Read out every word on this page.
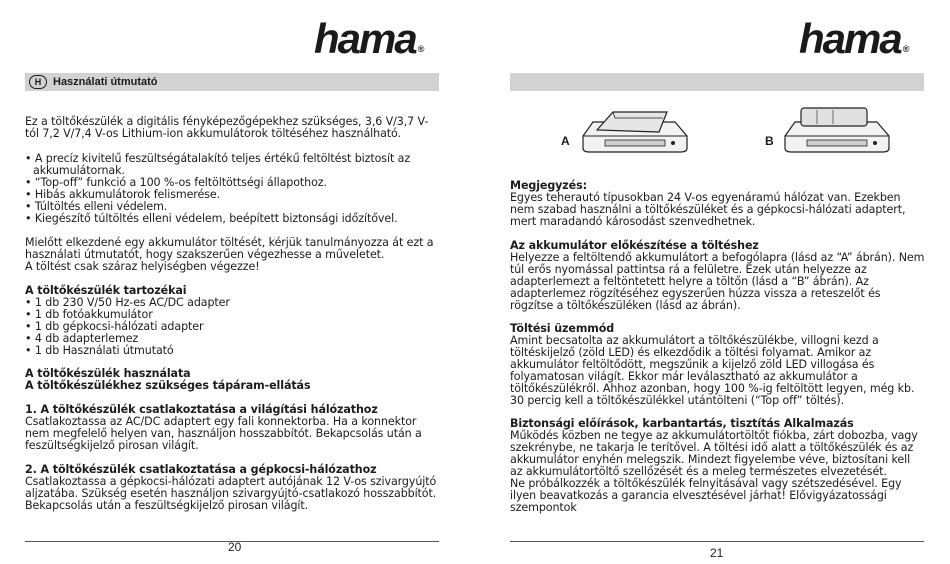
hama ®
H	Használati útmutató

Ez a töltőkészülék a digitális fényképezőgépekhez szükséges, 3,6 V/3,7 V-tól 7,2 V/7,4 V-os Lithium-ion akkumulátorok töltéséhez használható.

• A precíz kivitelű feszültségátalakító teljes értékű feltöltést biztosít az akkumulátornak.
• “Top-off” funkció a 100 %-os feltöltöttségi állapothoz.
• Hibás akkumulátorok felismerése.
• Túltöltés elleni védelem.
• Kiegészítő túltöltés elleni védelem, beépített biztonsági időzítővel.

Mielőtt elkezdené egy akkumulátor töltését, kérjük tanulmányozza át ezt a használati útmutatót, hogy szakszerűen végezhesse a műveletet.

A töltést csak száraz helyiségben végezze!

A töltőkészülék tartozékai

• 1 db 230 V/50 Hz-es AC/DC adapter
• 1 db fotóakkumulátor
• 1 db gépkocsi-hálózati adapter
• 4 db adapterlemez
• 1 db Használati útmutató

A töltőkészülék használata

A töltőkészülékhez szükséges tápáram-ellátás

1. A töltőkészülék csatlakoztatása a világítási hálózathoz

Csatlakoztassa az AC/DC adaptert egy fali konnektorba. Ha a konnektor nem megfelelő helyen van, használjon hosszabbítót. Bekapcsolás után a feszültségkijelző pirosan világít.

2. A töltőkészülék csatlakoztatása a gépkocsi-hálózathoz

Csatlakoztassa a gépkocsi-hálózati adaptert autójának 12 V-os szivargyújtó aljzatába. Szükség esetén használjon szivargyújtó-csatlakozó hosszabbítót. Bekapcsolás után a feszültségkijelző pirosan világít.

20
hama ®
A	B

Megjegyzés:

Egyes teherautó típusokban 24 V-os egyenáramú hálózat van. Ezekben nem szabad használni a töltőkészüléket és a gépkocsi-hálózati adaptert, mert maradandó károsodást szenvedhetnek.

Az akkumulátor előkészítése a töltéshez

Helyezze a feltöltendő akkumulátort a befogólapra (lásd az “A” ábrán). Nem túl erős nyomással pattintsa rá a felületre. Ezek után helyezze az adapterlemezt a feltöntetett helyre a töltőn (lásd a “B” ábrán). Az adapterlemez rögzítéséhez egyszerűen húzza vissza a reteszelőt és rögzítse a töltőkészüléken (lásd az ábrán).

Töltési üzemmód

Amint becsatolta az akkumulátort a töltőkészülékbe, villogni kezd a töltéskijelző (zöld LED) és elkezdődik a töltési folyamat. Amikor az akkumulátor feltöltődött, megszűnik a kijelző zöld LED villogása és folyamatosan világít. Ekkor már leválasztható az akkumulátor a töltőkészülékről. Ahhoz azonban, hogy 100 %-ig feltöltött legyen, még kb. 30 percig kell a töltőkészülékkel utántölteni (“Top off” töltés).

Biztonsági előírások, karbantartás, tisztítás Alkalmazás

Működés közben ne tegye az akkumulátortöltőt fiókba, zárt dobozba, vagy szekrénybe, ne takarja le terítővel. A töltési idő alatt a töltőkészülék és az akkumulátor enyhén melegszik. Mindezt figyelembe véve, biztosítani kell az akkumulátortöltő szellőzését és a meleg természetes elvezetését.

Ne próbálkozzék a töltőkészülék felnyitásával vagy szétszedésével. Egy ilyen beavatkozás a garancia elvesztésével járhat! Elővigyázatossági szempontok

21
